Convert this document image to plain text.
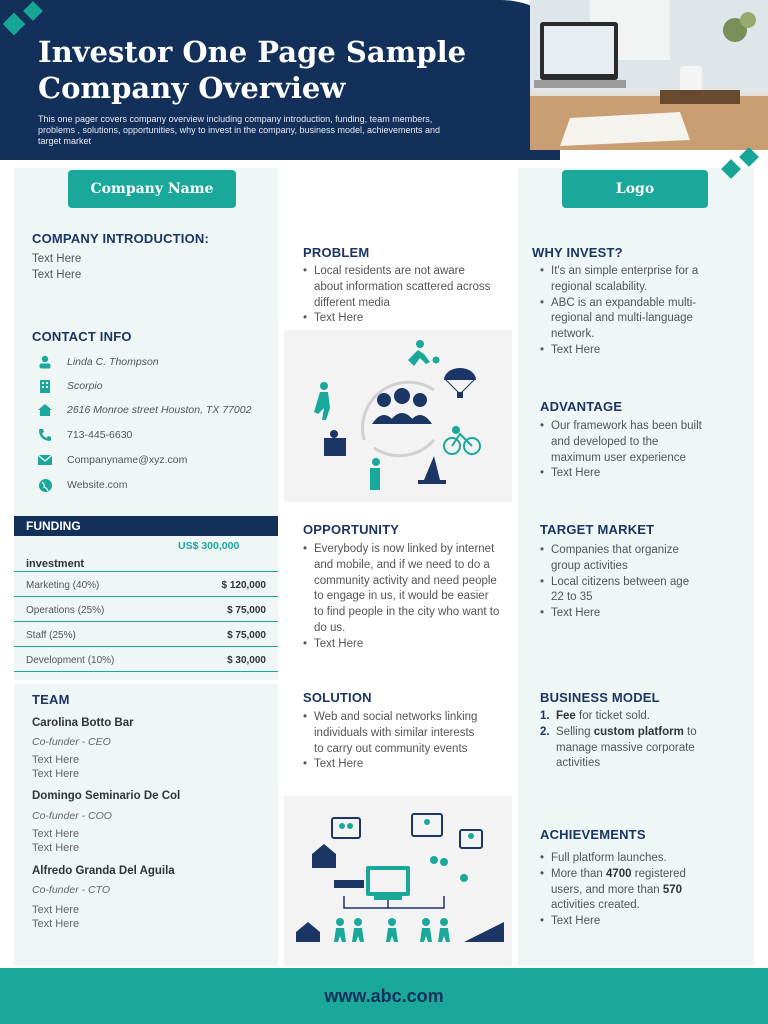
Investor One Page Sample Company Overview
This one pager covers company overview including company introduction, funding, team members, problems , solutions, opportunities, why to invest in the company, business model, achievements and target market
Company Name
COMPANY INTRODUCTION:
Text Here
Text Here
CONTACT INFO
Linda C. Thompson
Scorpio
2616 Monroe street Houston, TX 77002
713-445-6630
Companyname@xyz.com
Website.com
FUNDING
US$ 300,000
investment
Marketing (40%)	$ 120,000
Operations (25%)	$ 75,000
Staff (25%)	$ 75,000
Development (10%)	$ 30,000
TEAM
Carolina Botto Bar
Co-funder - CEO
Text Here
Text Here
Domingo Seminario De Col
Co-funder - COO
Text Here
Text Here
Alfredo Granda Del Aguila
Co-funder - CTO
Text Here
Text Here
PROBLEM
• Local residents are not aware about information scattered across different media
• Text Here
OPPORTUNITY
• Everybody is now linked by internet and mobile, and if we need to do a community activity and need people to engage in us, it would be easier to find people in the city who want to do us.
• Text Here
SOLUTION
• Web and social networks linking individuals with similar interests to carry out community events
• Text Here
Logo
WHY INVEST?
• It's an simple enterprise for a regional scalability.
• ABC is an expandable multi-regional and multi-language network.
• Text Here
ADVANTAGE
• Our framework has been built and developed to the maximum user experience
• Text Here
TARGET MARKET
• Companies that organize group activities
• Local citizens between age 22 to 35
• Text Here
BUSINESS MODEL
1. Fee for ticket sold.
2. Selling custom platform to manage massive corporate activities
ACHIEVEMENTS
• Full platform launches.
• More than 4700 registered users, and more than 570 activities created.
• Text Here
www.abc.com
